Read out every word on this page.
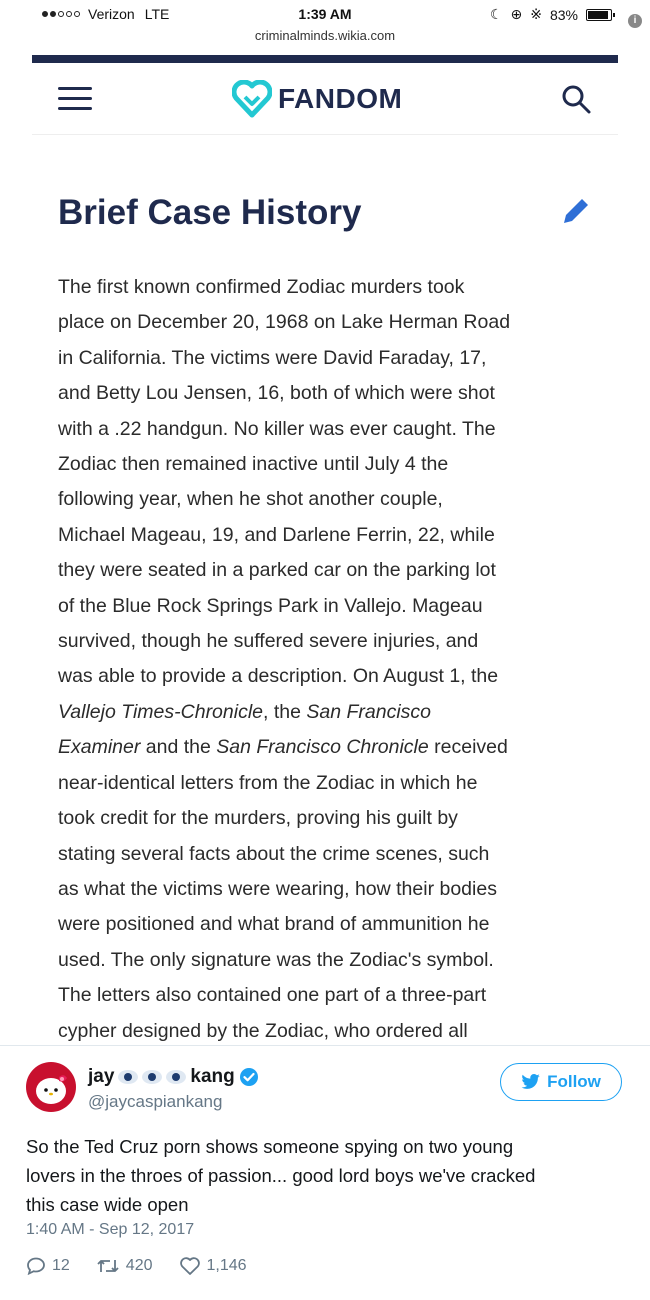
Verizon LTE	1:39 AM	☾ ⊕ ※ 83%
criminalminds.wikia.com
FANDOM
Brief Case History
The first known confirmed Zodiac murders took
place on December 20, 1968 on Lake Herman Road
in California. The victims were David Faraday, 17,
and Betty Lou Jensen, 16, both of which were shot
with a .22 handgun. No killer was ever caught. The
Zodiac then remained inactive until July 4 the
following year, when he shot another couple,
Michael Mageau, 19, and Darlene Ferrin, 22, while
they were seated in a parked car on the parking lot
of the Blue Rock Springs Park in Vallejo. Mageau
survived, though he suffered severe injuries, and
was able to provide a description. On August 1, the
Vallejo Times-Chronicle, the San Francisco
Examiner and the San Francisco Chronicle received
near-identical letters from the Zodiac in which he
took credit for the murders, proving his guilt by
stating several facts about the crime scenes, such
as what the victims were wearing, how their bodies
were positioned and what brand of ammunition he
used. The only signature was the Zodiac's symbol.
The letters also contained one part of a three-part
cypher designed by the Zodiac, who ordered all
i
jay	kang
@jaycaspiankang
Follow
So the Ted Cruz porn shows someone spying on two young
lovers in the throes of passion... good lord boys we've cracked
this case wide open
1:40 AM - Sep 12, 2017
12	420	1,146
